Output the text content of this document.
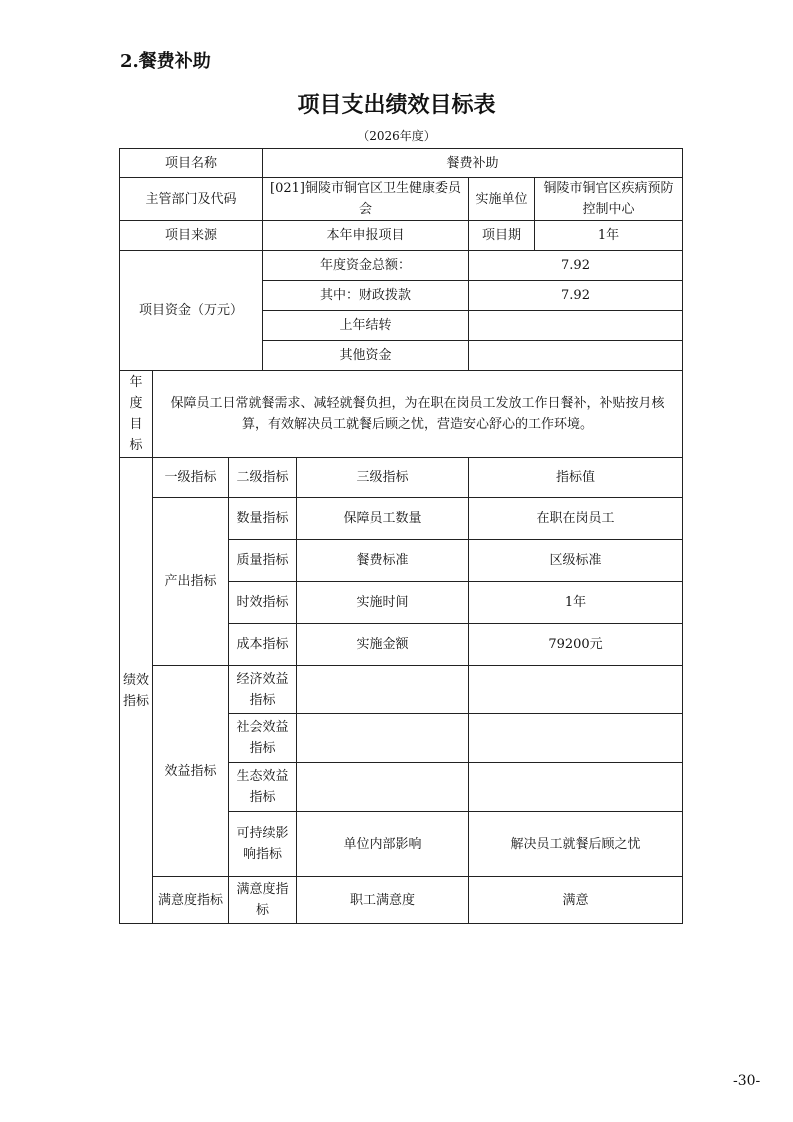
2.餐费补助
项目支出绩效目标表
（2026年度）
项目名称			餐费补助			
主管部门及代码			[021]铜陵市铜官区卫生健康委员会		实施单位	铜陵市铜官区疾病预防控制中心
项目来源			本年申报项目		项目期	1年
项目资金（万元）			年度资金总额：		7.92	
			其中：财政拨款		7.92	
			上年结转			
			其他资金			
年度目标	保障员工日常就餐需求、减轻就餐负担，为在职在岗员工发放工作日餐补，补贴按月核算，有效解决员工就餐后顾之忧，营造安心舒心的工作环境。					
绩效指标	一级指标	二级指标		三级指标	指标值	
	产出指标	数量指标		保障员工数量	在职在岗员工	
		质量指标		餐费标准	区级标准	
		时效指标		实施时间	1年	
		成本指标		实施金额	79200元	
	效益指标	经济效益指标				
		社会效益指标				
		生态效益指标				
		可持续影响指标		单位内部影响	解决员工就餐后顾之忧	
	满意度指标	满意度指标		职工满意度	满意	
-30-
